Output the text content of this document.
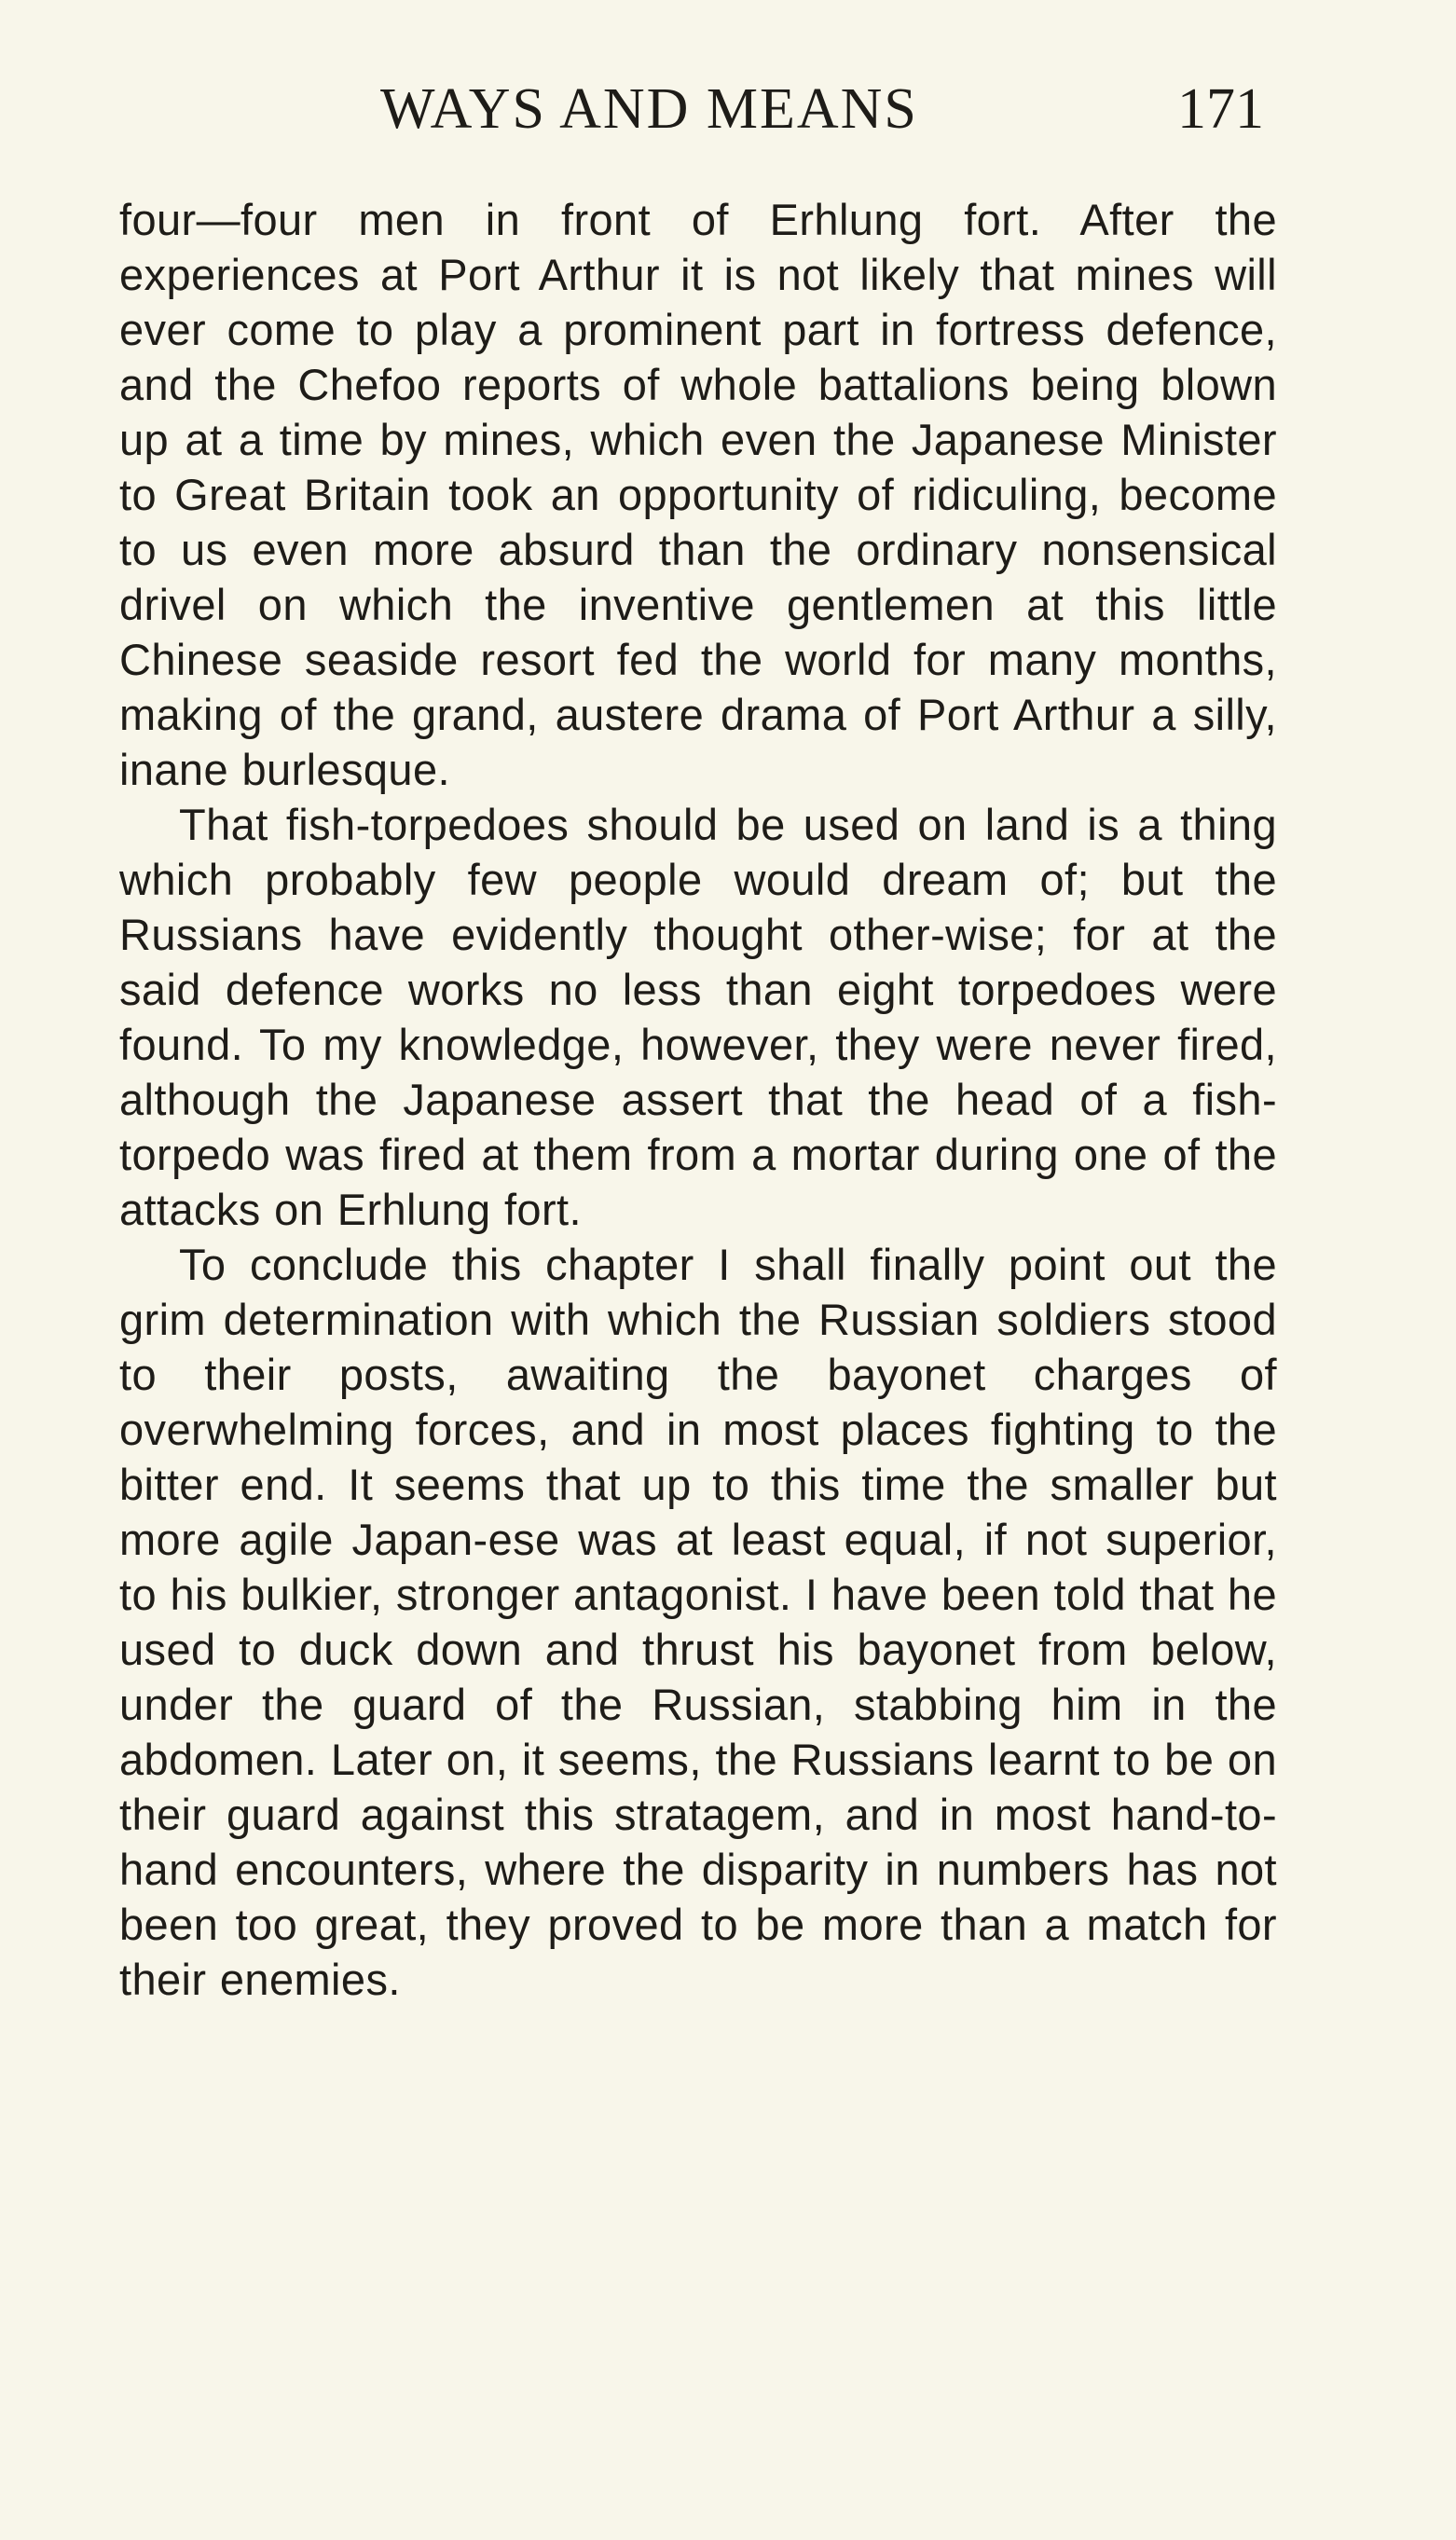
WAYS AND MEANS	171

four—four men in front of Erhlung fort. After the experiences at Port Arthur it is not likely that mines will ever come to play a prominent part in fortress defence, and the Chefoo reports of whole battalions being blown up at a time by mines, which even the Japanese Minister to Great Britain took an opportunity of ridiculing, become to us even more absurd than the ordinary nonsensical drivel on which the inventive gentlemen at this little Chinese seaside resort fed the world for many months, making of the grand, austere drama of Port Arthur a silly, inane burlesque.

That fish-torpedoes should be used on land is a thing which probably few people would dream of; but the Russians have evidently thought other-wise; for at the said defence works no less than eight torpedoes were found. To my knowledge, however, they were never fired, although the Japanese assert that the head of a fish-torpedo was fired at them from a mortar during one of the attacks on Erhlung fort.

To conclude this chapter I shall finally point out the grim determination with which the Russian soldiers stood to their posts, awaiting the bayonet charges of overwhelming forces, and in most places fighting to the bitter end. It seems that up to this time the smaller but more agile Japan-ese was at least equal, if not superior, to his bulkier, stronger antagonist. I have been told that he used to duck down and thrust his bayonet from below, under the guard of the Russian, stabbing him in the abdomen. Later on, it seems, the Russians learnt to be on their guard against this stratagem, and in most hand-to-hand encounters, where the disparity in numbers has not been too great, they proved to be more than a match for their enemies.
